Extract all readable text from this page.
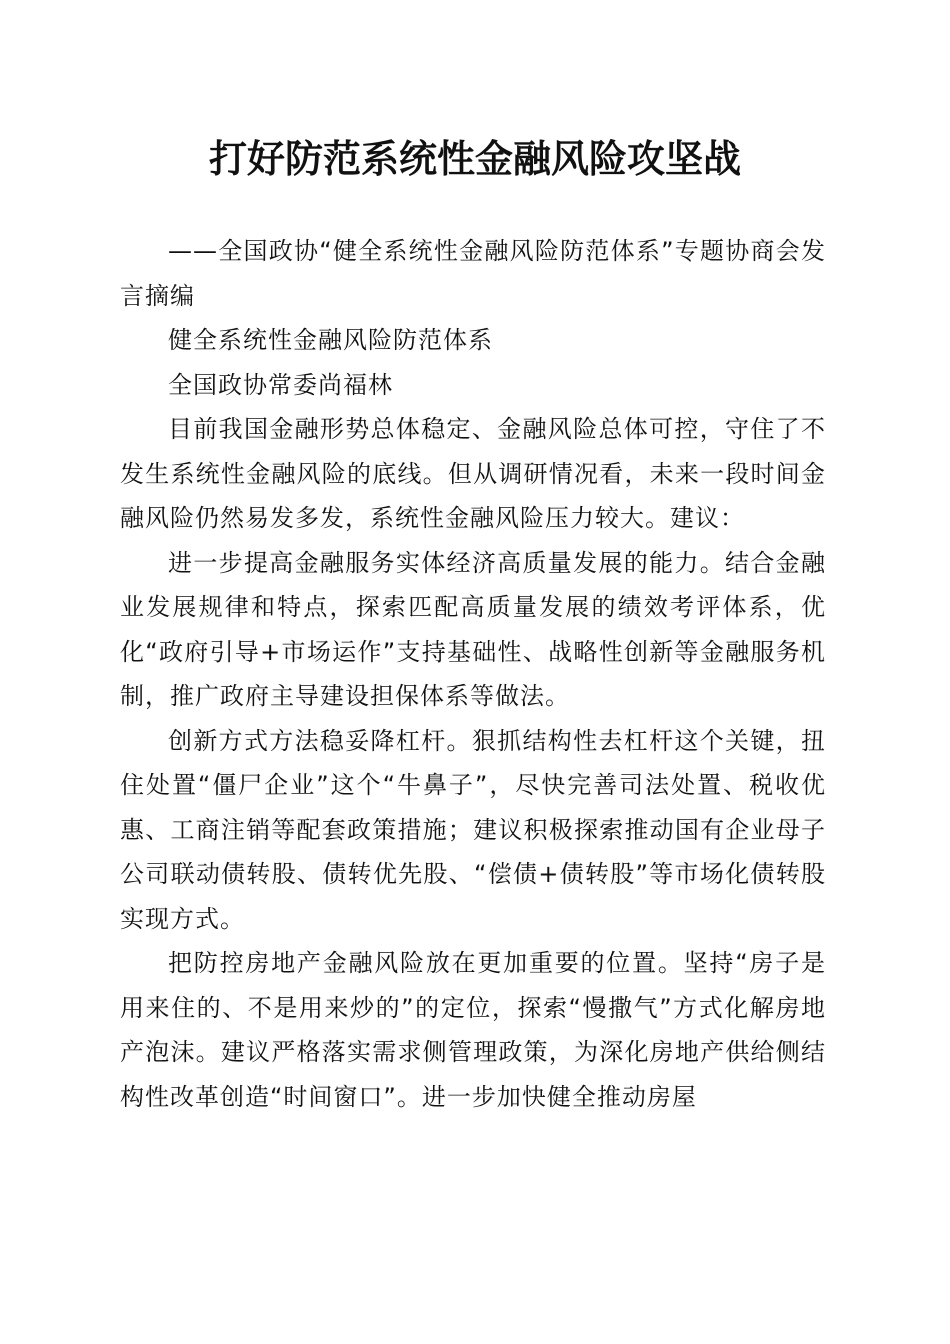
打好防范系统性金融风险攻坚战

——全国政协“健全系统性金融风险防范体系”专题协商会发言摘编

健全系统性金融风险防范体系

全国政协常委尚福林

目前我国金融形势总体稳定、金融风险总体可控，守住了不发生系统性金融风险的底线。但从调研情况看，未来一段时间金融风险仍然易发多发，系统性金融风险压力较大。建议：

进一步提高金融服务实体经济高质量发展的能力。结合金融业发展规律和特点，探索匹配高质量发展的绩效考评体系，优化“政府引导+市场运作”支持基础性、战略性创新等金融服务机制，推广政府主导建设担保体系等做法。

创新方式方法稳妥降杠杆。狠抓结构性去杠杆这个关键，扭住处置“僵尸企业”这个“牛鼻子”，尽快完善司法处置、税收优惠、工商注销等配套政策措施；建议积极探索推动国有企业母子公司联动债转股、债转优先股、“偿债+债转股”等市场化债转股实现方式。

把防控房地产金融风险放在更加重要的位置。坚持“房子是用来住的、不是用来炒的”的定位，探索“慢撒气”方式化解房地产泡沫。建议严格落实需求侧管理政策，为深化房地产供给侧结构性改革创造“时间窗口”。进一步加快健全推动房屋
